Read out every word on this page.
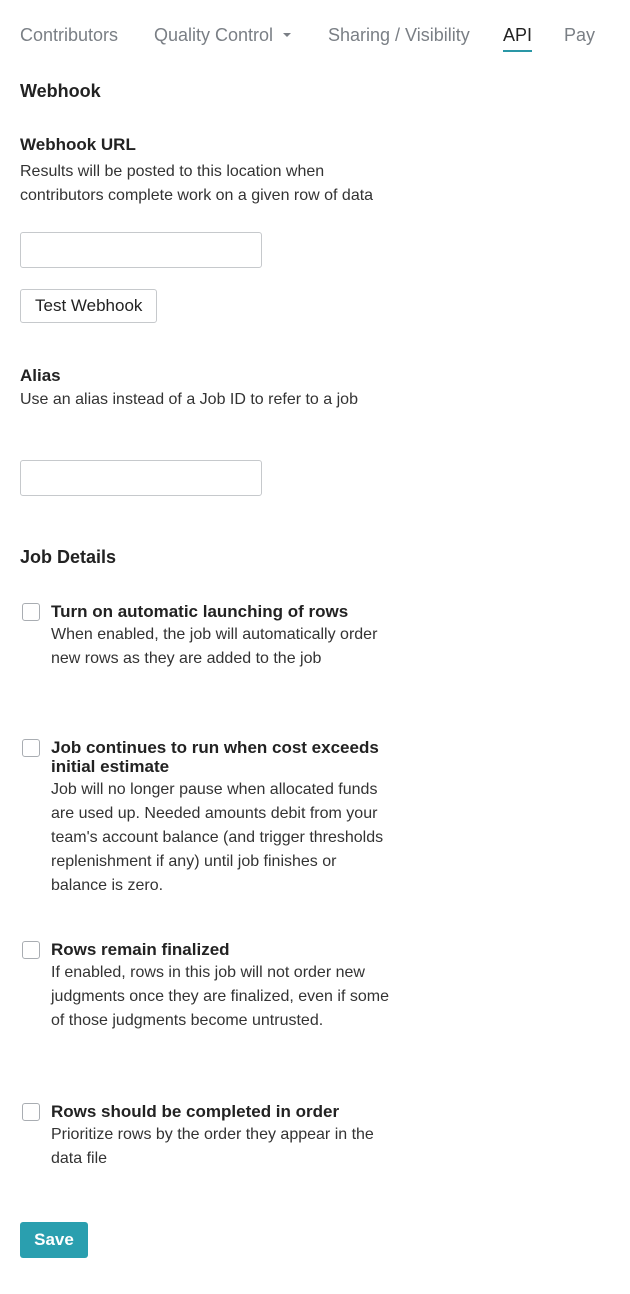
Contributors Quality Control	Sharing / Visibility API Pay
Webhook
Webhook URL
Results will be posted to this location when contributors complete work on a given row of data
Test Webhook
Alias
Use an alias instead of a Job ID to refer to a job
Job Details
Turn on automatic launching of rows
When enabled, the job will automatically order new rows as they are added to the job
Job continues to run when cost exceeds initial estimate
Job will no longer pause when allocated funds are used up. Needed amounts debit from your team's account balance (and trigger thresholds replenishment if any) until job finishes or balance is zero.
Rows remain finalized
If enabled, rows in this job will not order new judgments once they are finalized, even if some of those judgments become untrusted.
Rows should be completed in order
Prioritize rows by the order they appear in the data file
Save
